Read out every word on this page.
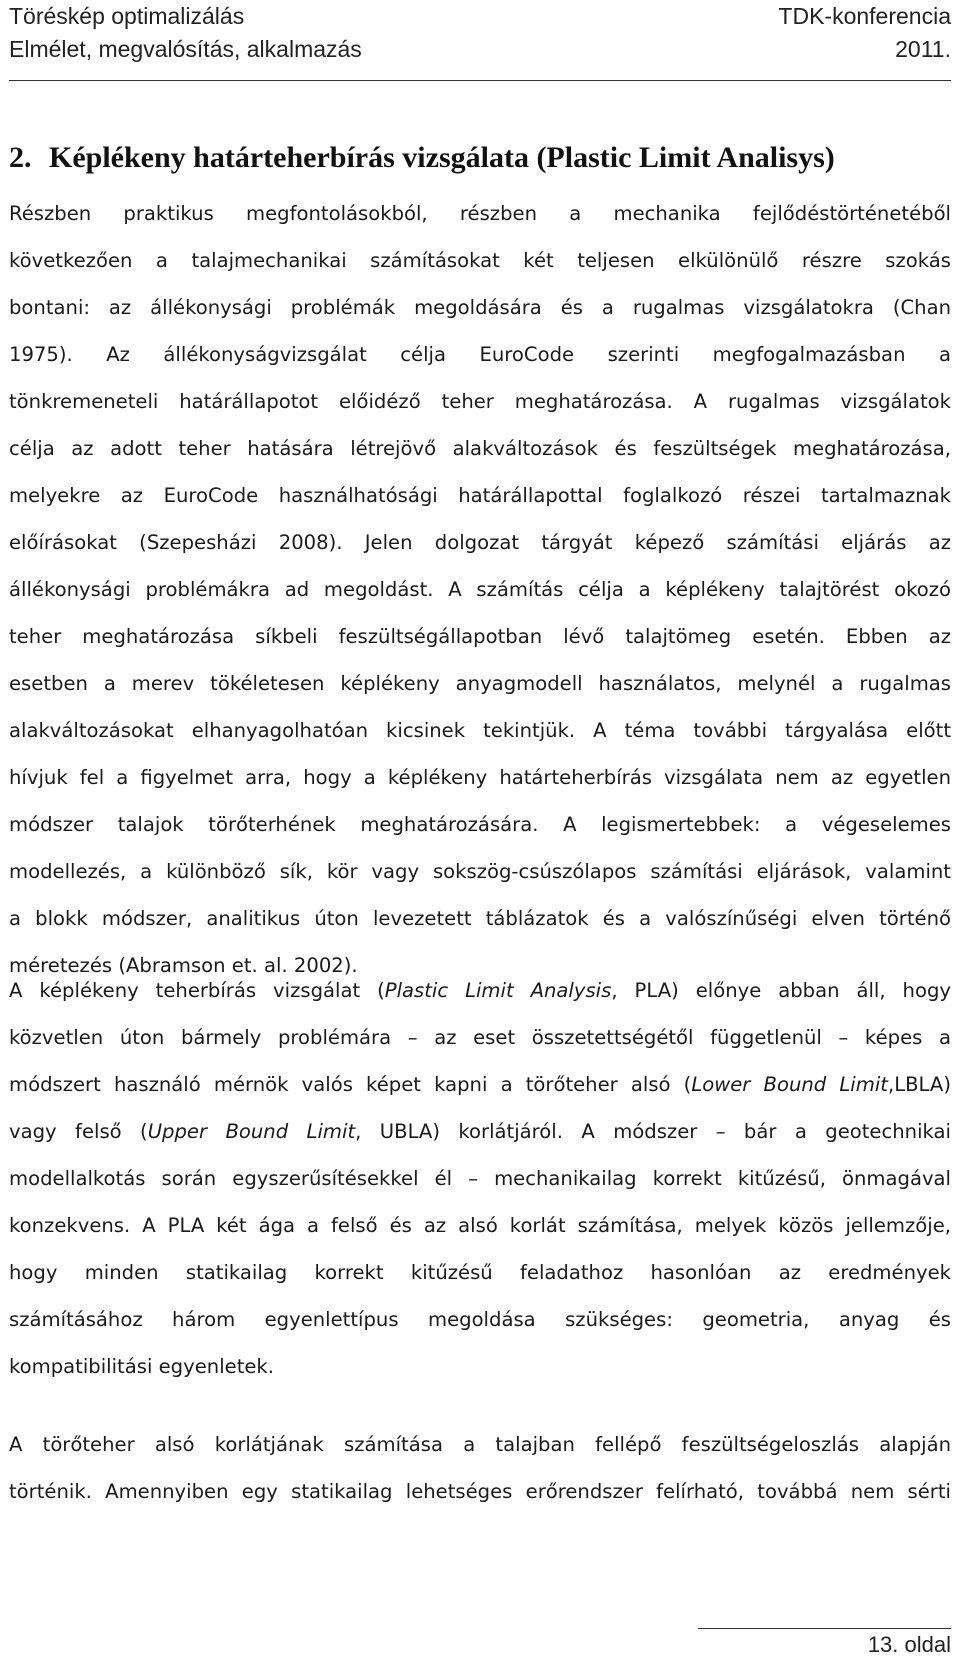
Töréskép optimalizálás	TDK-konferencia
Elmélet, megvalósítás, alkalmazás	2011.
2. Képlékeny határteherbírás vizsgálata (Plastic Limit Analisys)
Részben praktikus megfontolásokból, részben a mechanika fejlődéstörténetéből
következően a talajmechanikai számításokat két teljesen elkülönülő részre szokás
bontani: az állékonysági problémák megoldására és a rugalmas vizsgálatokra (Chan
1975). Az állékonyságvizsgálat célja EuroCode szerinti megfogalmazásban a
tönkremeneteli határállapotot előidéző teher meghatározása. A rugalmas vizsgálatok
célja az adott teher hatására létrejövő alakváltozások és feszültségek meghatározása,
melyekre az EuroCode használhatósági határállapottal foglalkozó részei tartalmaznak
előírásokat (Szepesházi 2008). Jelen dolgozat tárgyát képező számítási eljárás az
állékonysági problémákra ad megoldást. A számítás célja a képlékeny talajtörést okozó
teher meghatározása síkbeli feszültségállapotban lévő talajtömeg esetén. Ebben az
esetben a merev tökéletesen képlékeny anyagmodell használatos, melynél a rugalmas
alakváltozásokat elhanyagolhatóan kicsinek tekintjük. A téma további tárgyalása előtt
hívjuk fel a figyelmet arra, hogy a képlékeny határteherbírás vizsgálata nem az egyetlen
módszer talajok törőterhének meghatározására. A legismertebbek: a végeselemes
modellezés, a különböző sík, kör vagy sokszög-csúszólapos számítási eljárások, valamint
a blokk módszer, analitikus úton levezetett táblázatok és a valószínűségi elven történő
méretezés (Abramson et. al. 2002).
A képlékeny teherbírás vizsgálat (Plastic Limit Analysis, PLA) előnye abban áll, hogy
közvetlen úton bármely problémára – az eset összetettségétől függetlenül – képes a
módszert használó mérnök valós képet kapni a törőteher alsó (Lower Bound Limit,LBLA)
vagy felső (Upper Bound Limit, UBLA) korlátjáról. A módszer – bár a geotechnikai
modellalkotás során egyszerűsítésekkel él – mechanikailag korrekt kitűzésű, önmagával
konzekvens. A PLA két ága a felső és az alsó korlát számítása, melyek közös jellemzője,
hogy minden statikailag korrekt kitűzésű feladathoz hasonlóan az eredmények
számításához három egyenlettípus megoldása szükséges: geometria, anyag és
kompatibilitási egyenletek.
A törőteher alsó korlátjának számítása a talajban fellépő feszültségeloszlás alapján
történik. Amennyiben egy statikailag lehetséges erőrendszer felírható, továbbá nem sérti
13. oldal
